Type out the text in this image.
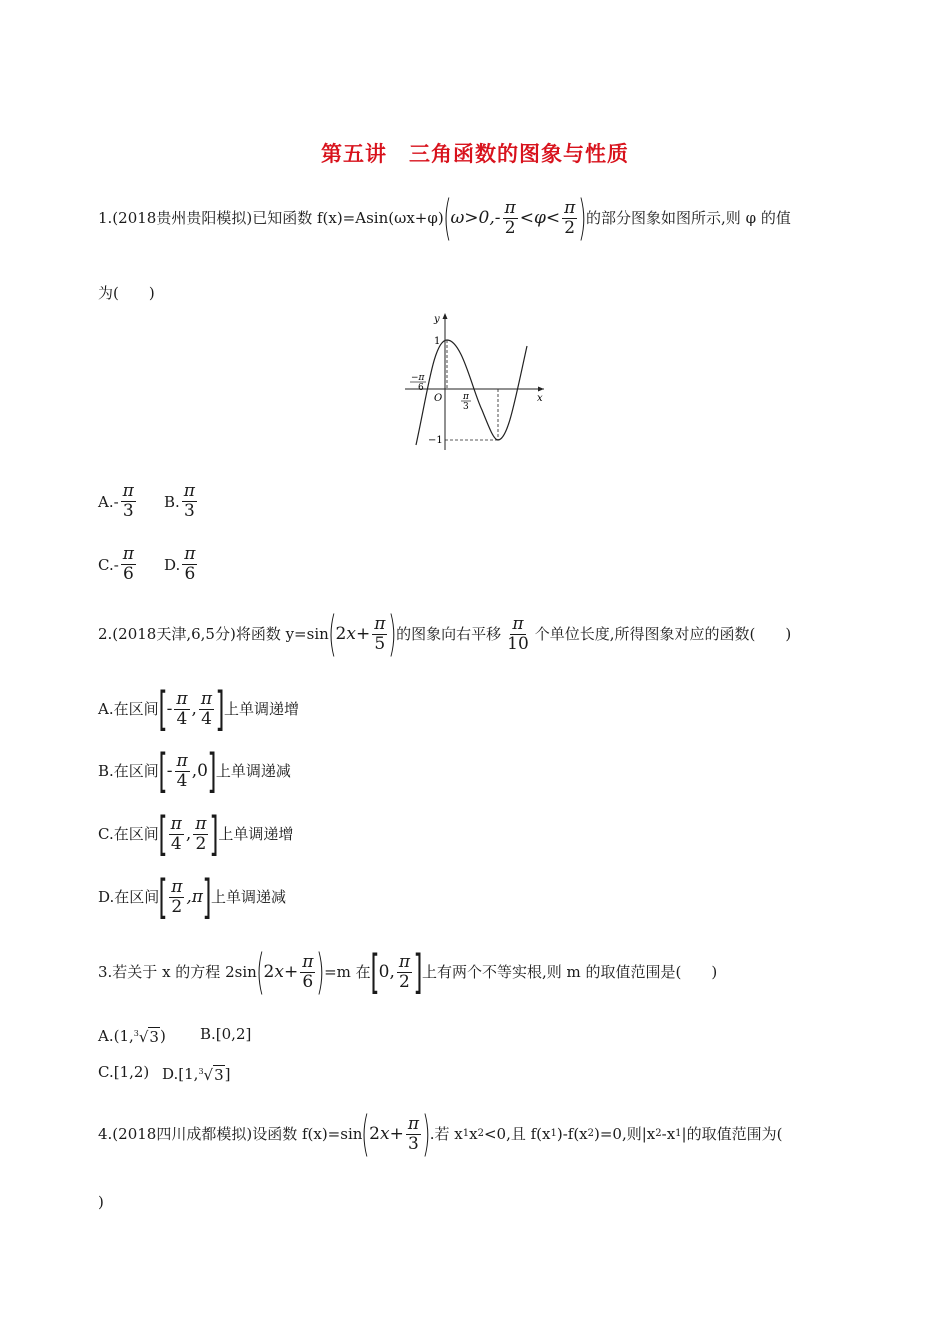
第五讲　三角函数的图象与性质
1.(2018贵州贵阳模拟)已知函数 f(x)=Asin(ωx+φ) ( $\omega>0,- \frac{\pi}{2} <\varphi< \frac{\pi}{2}$ ) 的部分图象如图所示,则 φ 的值
为(　　)
y
x
1
−1
O
−π
6
π
3
$A.- \frac{\pi}{3} B$. $\frac{\pi}{3}$
$C.- \frac{\pi}{6} D$. $\frac{\pi}{6}$
2.(2018天津,6,5分)将函数 y=sin ( 2 $x + \frac{\pi}{5}$ ) 的图象向右平移 $\frac{\pi}{10}$ 个单位长度,所得图象对应的函数(　　)
A.在区间 [ - $\frac{\pi}{4}$ , $\frac{\pi}{4}$ ] 上单调递增
B.在区间 [ - $\frac{\pi}{4} ,0$ ] 上单调递减
C.在区间 [ $\frac{\pi}{4}$ , $\frac{\pi}{2}$ ] 上单调递增
D.在区间 [ $\frac{\pi}{2} ,\pi$ ] 上单调递减
3.若关于 x 的方程 2sin ( 2 $x + \frac{\pi}{6}$ ) =m 在 [ 0, $\frac{\pi}{2}$ ] 上有两个不等实根,则 m 的取值范围是(　　)
A.(1, $^3$√3 ) B.[0,2]
C.[1,2) D.[1, $^3$√3 ]
4.(2018四川成都模拟)设函数 f(x)=sin ( 2 $x + \frac{\pi}{3}$ ) .若 x 1 x 2 <0,且 f(x 1 )-f(x 2 )=0,则|x 2 -x 1 |的取值范围为(
)
